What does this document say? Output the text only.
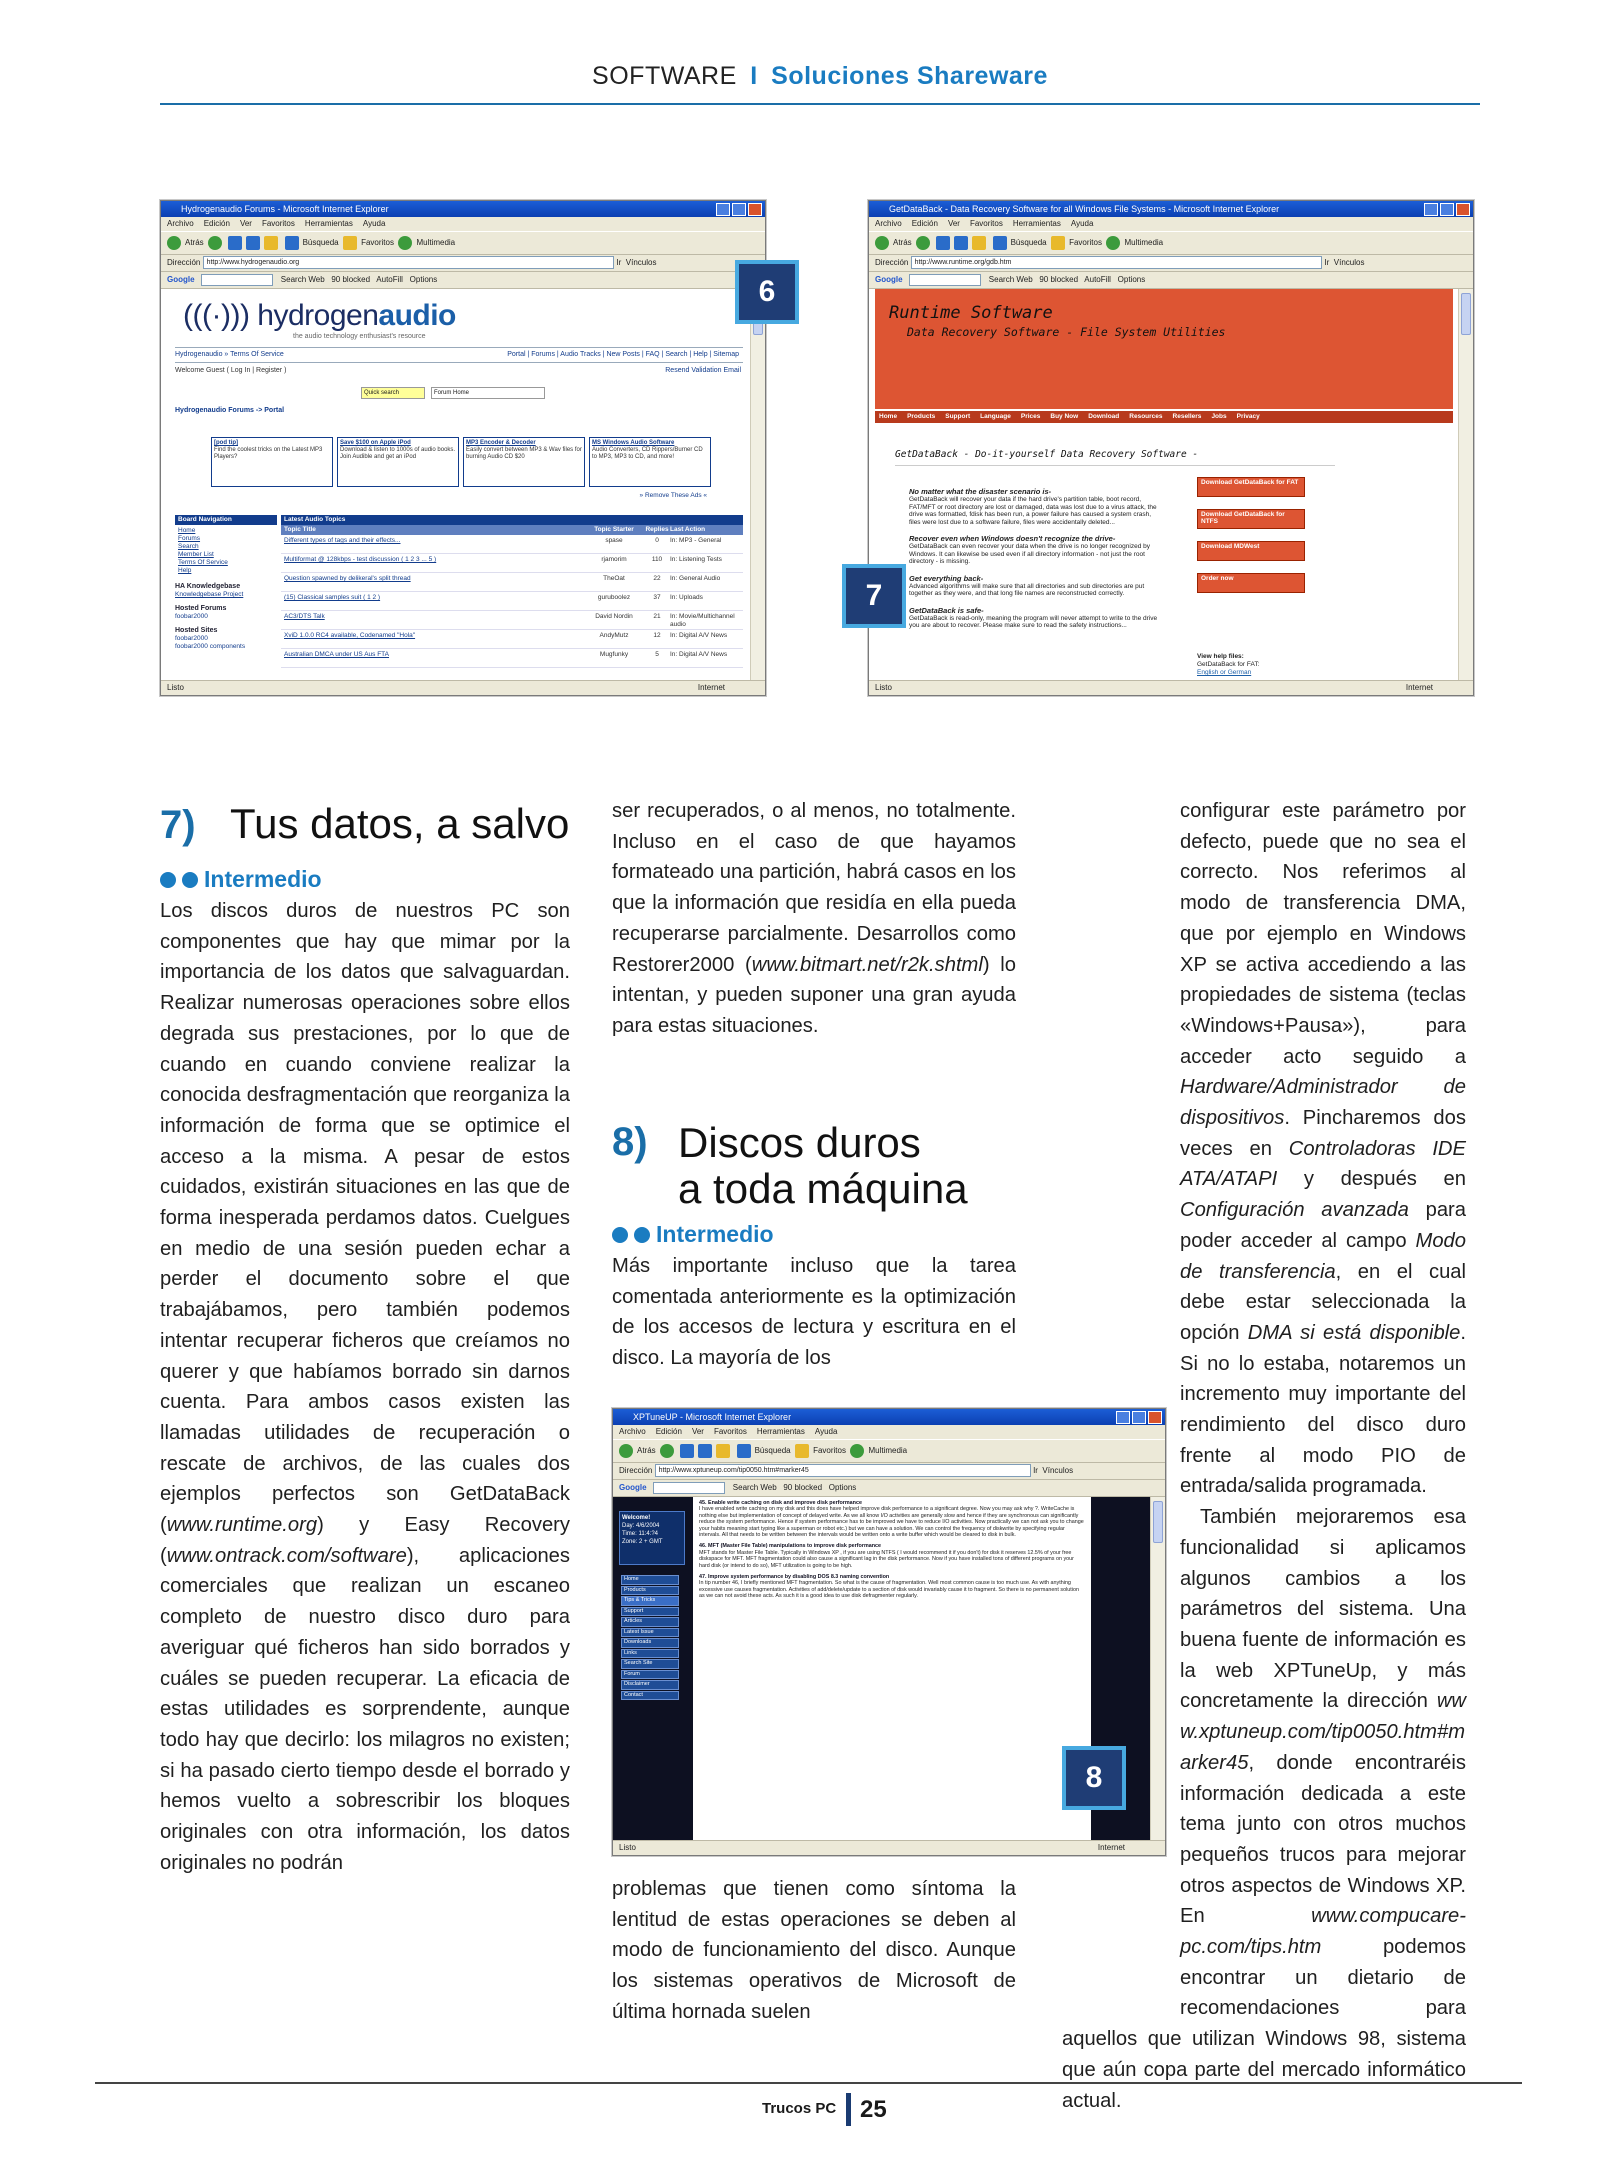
SOFTWARE I Soluciones Shareware
Hydrogenaudio Forums - Microsoft Internet Explorer
Archivo Edición Ver Favoritos Herramientas Ayuda
Atrás	Búsqueda	Favoritos	Multimedia
Dirección http://www.hydrogenaudio.org	Ir Vínculos
Google	Search Web 90 blocked AutoFill Options
(((·))) hydrogenaudio
the audio technology enthusiast's resource
Hydrogenaudio » Terms Of Service	Portal | Forums | Audio Tracks | New Posts | FAQ | Search | Help | Sitemap
Welcome Guest ( Log In | Register )	Resend Validation Email
Quick search	Forum Home
Hydrogenaudio Forums -> Portal
[pod tip]
Find the coolest tricks on the Latest MP3 Players?
Save $100 on Apple iPod
Download & listen to 1000s of audio books. Join Audible and get an iPod
MP3 Encoder & Decoder
Easily convert between MP3 & Wav files for burning Audio CD $20
MS Windows Audio Software
Audio Converters, CD Rippers/Burner CD to MP3, MP3 to CD, and more!
» Remove These Ads «
Board Navigation
Home
Forums
Search
Member List
Terms Of Service
Help
HA Knowledgebase
Knowledgebase Project
Hosted Forums
foobar2000
Hosted Sites
foobar2000
foobar2000 components
Latest Audio Topics
Topic Title	Topic Starter	Replies Last Action
Different types of tags and their effects...	spase	0	In: MP3 - General
Multiformat @ 128kbps - test discussion ( 1 2 3 ... 5 )	rjamorim	110	In: Listening Tests
Question spawned by delikeral's split thread	TheOat	22	In: General Audio
(15) Classical samples suit ( 1 2 )	guruboolez	37	In: Uploads
AC3/DTS Talk	David Nordin	21	In: Movie/Multichannel audio
XviD 1.0.0 RC4 available, Codenamed "Hola"	AndyMutz	12	In: Digital A/V News
Australian DMCA under US Aus FTA	Mugfunky	5	In: Digital A/V News
Listo	Internet
6
GetDataBack - Data Recovery Software for all Windows File Systems - Microsoft Internet Explorer
Archivo Edición Ver Favoritos Herramientas Ayuda
Atrás	Búsqueda	Favoritos	Multimedia
Dirección http://www.runtime.org/gdb.htm	Ir Vínculos
Google	Search Web 90 blocked AutoFill Options
Runtime Software
Data Recovery Software - File System Utilities
Home Products Support Language Prices Buy Now Download Resources Resellers Jobs Privacy
GetDataBack - Do-it-yourself Data Recovery Software -
No matter what the disaster scenario is-
GetDataBack will recover your data if the hard drive's partition table, boot record, FAT/MFT or root directory are lost or damaged, data was lost due to a virus attack, the drive was formatted, fdisk has been run, a power failure has caused a system crash, files were lost due to a software failure, files were accidentally deleted...
Recover even when Windows doesn't recognize the drive-
GetDataBack can even recover your data when the drive is no longer recognized by Windows. It can likewise be used even if all directory information - not just the root directory - is missing.
Get everything back-
Advanced algorithms will make sure that all directories and sub directories are put together as they were, and that long file names are reconstructed correctly.
GetDataBack is safe-
GetDataBack is read-only, meaning the program will never attempt to write to the drive you are about to recover. Please make sure to read the safety instructions...
Download GetDataBack for FAT
Download GetDataBack for NTFS
Download MDWest
Order now
View help files:
GetDataBack for FAT:
English or German
Listo	Internet
7
XPTuneUP - Microsoft Internet Explorer
Archivo Edición Ver Favoritos Herramientas Ayuda
Atrás	Búsqueda	Favoritos	Multimedia
Dirección http://www.xptuneup.com/tip0050.htm#marker45	Ir Vínculos
Google	Search Web 90 blocked Options
Welcome!
Day: 4/6/2004
Time: 11:4:?4
Zone: 2 + GMT
Home
Products
Tips & Tricks
Support
Articles
Latest Issue
Downloads
Links
Search Site
Forum
Disclaimer
Contact
45. Enable write caching on disk and improve disk performance
I have enabled write caching on my disk and this does have helped improve disk performance to a significant degree. Now you may ask why ?. WriteCache is nothing else but implementation of concept of delayed write. As we all know I/O activities are generally slow and hence if they are synchronous can significantly reduce the system performance. Hence if system performance has to be improved we have to reduce I/O activities. Now practically we can not ask you to change your habits meaning start typing like a superman or robot etc.) but we can have a solution. We can control the frequency of diskwrite by specifying regular intervals. All that needs to be written between the intervals would be written onto a write buffer which would be cleared to disk in bulk.
46. MFT (Master File Table) manipulations to improve disk performance
MFT stands for Master File Table. Typically in Windows XP , if you are using NTFS ( I would recommend it if you don't) for disk it reserves 12.5% of your free diskspace for MFT. MFT fragmentation could also cause a significant lag in the disk performance. Now if you have installed tons of different programs on your hard disk (or intend to do so), MFT utilization is going to be high.
47. Improve system performance by disabling DOS 8.3 naming convention
In tip number 46, I briefly mentioned MFT fragmentation. So what is the cause of fragmentation. Well most common cause is too much use. As with anything excessive use causes fragmentation. Activities of add/delete/update to a section of disk would invariably cause it to fragment. So there is no permanent solution as we can not avoid these acts. As such it is a good idea to use disk defragmenter regularly.
Listo	Internet
8
7) Tus datos, a salvo
Intermedio
Los discos duros de nuestros PC son componentes que hay que mimar por la importancia de los datos que salvaguardan. Realizar numerosas operaciones sobre ellos degrada sus prestaciones, por lo que de cuando en cuando conviene realizar la conocida desfragmentación que reorganiza la información de forma que se optimice el acceso a la misma. A pesar de estos cuidados, existirán situaciones en las que de forma inesperada perdamos datos. Cuelgues en medio de una sesión pueden echar a perder el documento sobre el que trabajábamos, pero también podemos intentar recuperar ficheros que creíamos no querer y que habíamos borrado sin darnos cuenta. Para ambos casos existen las llamadas utilidades de recuperación o rescate de archivos, de las cuales dos ejemplos perfectos son GetDataBack (www.runtime.org) y Easy Recovery (www.ontrack.com/software), aplicaciones comerciales que realizan un escaneo completo de nuestro disco duro para averiguar qué ficheros han sido borrados y cuáles se pueden recuperar. La eficacia de estas utilidades es sorprendente, aunque todo hay que decirlo: los milagros no existen; si ha pasado cierto tiempo desde el borrado y hemos vuelto a sobrescribir los bloques originales con otra información, los datos originales no podrán
ser recuperados, o al menos, no totalmente. Incluso en el caso de que hayamos formateado una partición, habrá casos en los que la información que residía en ella pueda recuperarse parcialmente. Desarrollos como Restorer2000 (www.bitmart.net/r2k.shtml) lo intentan, y pueden suponer una gran ayuda para estas situaciones.
8) Discos duros
a toda máquina
Intermedio
Más importante incluso que la tarea comentada anteriormente es la optimización de los accesos de lectura y escritura en el disco. La mayoría de los
problemas que tienen como síntoma la lentitud de estas operaciones se deben al modo de funcionamiento del disco. Aunque los sistemas operativos de Microsoft de última hornada suelen
configurar este parámetro por defecto, puede que no sea el correcto. Nos referimos al modo de transferencia DMA, que por ejemplo en Windows XP se activa accediendo a las propiedades de sistema (teclas «Windows+Pausa»), para acceder acto seguido a Hardware/Administrador de dispositivos. Pincharemos dos veces en Controladoras IDE ATA/ATAPI y después en Configuración avanzada para poder acceder al campo Modo de transferencia, en el cual debe estar seleccionada la opción DMA si está disponible. Si no lo estaba, notaremos un incremento muy importante del rendimiento del disco duro frente al modo PIO de entrada/salida programada.
También mejoraremos esa funcionalidad si aplicamos algunos cambios a los parámetros del sistema. Una buena fuente de información es la web XPTuneUp, y más concretamente la dirección www.xptuneup.com/tip0050.htm#marker45, donde encontraréis información dedicada a este tema junto con otros muchos pequeños trucos para mejorar otros aspectos de Windows XP. En www.compucare-pc.com/tips.htm podemos encontrar un dietario de recomendaciones para aquellos que utilizan Windows 98, sistema que aún copa parte del mercado informático actual.
Trucos PC 25
